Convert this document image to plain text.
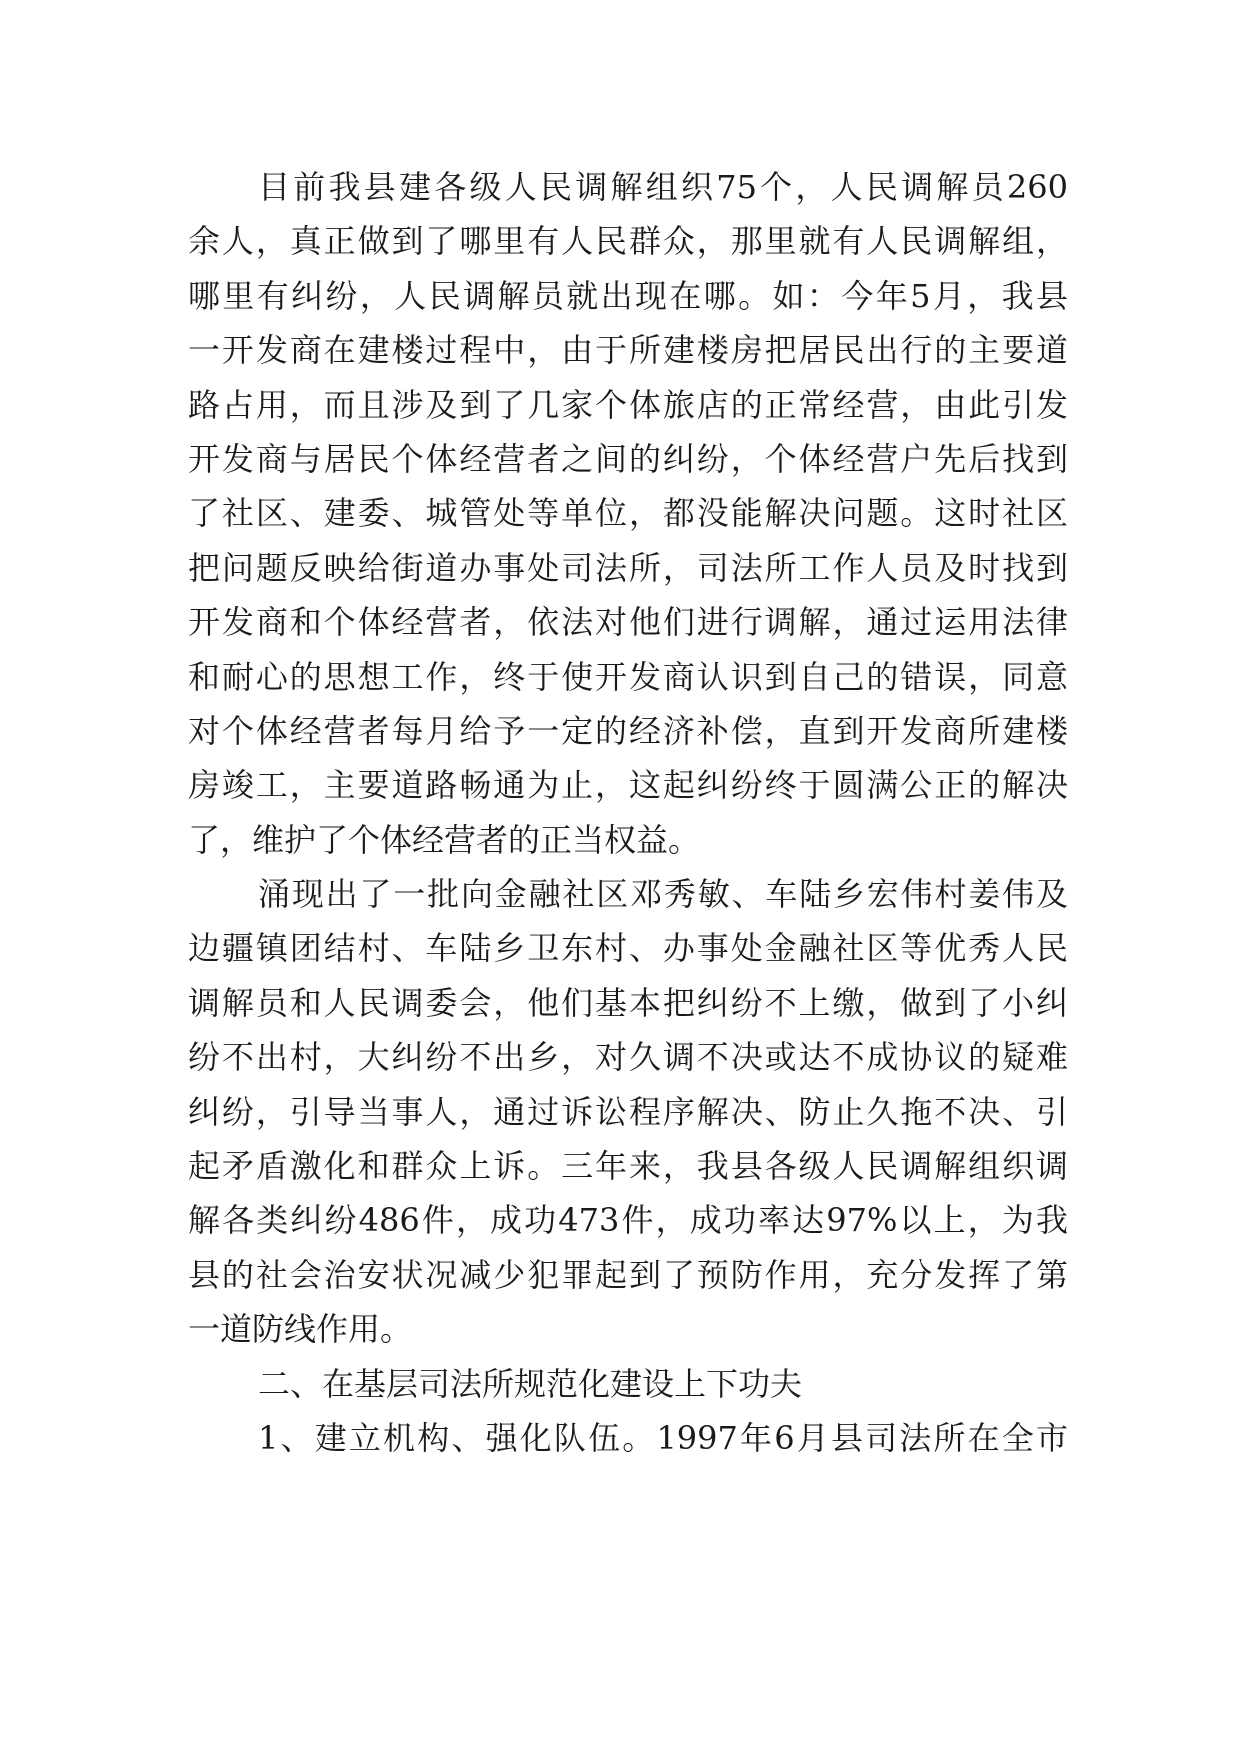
目前我县建各级人民调解组织75个，人民调解员260
余人，真正做到了哪里有人民群众，那里就有人民调解组，
哪里有纠纷，人民调解员就出现在哪。如：今年5月，我县
一开发商在建楼过程中，由于所建楼房把居民出行的主要道
路占用，而且涉及到了几家个体旅店的正常经营，由此引发
开发商与居民个体经营者之间的纠纷，个体经营户先后找到
了社区、建委、城管处等单位，都没能解决问题。这时社区
把问题反映给街道办事处司法所，司法所工作人员及时找到
开发商和个体经营者，依法对他们进行调解，通过运用法律
和耐心的思想工作，终于使开发商认识到自己的错误，同意
对个体经营者每月给予一定的经济补偿，直到开发商所建楼
房竣工，主要道路畅通为止，这起纠纷终于圆满公正的解决
了，维护了个体经营者的正当权益。
涌现出了一批向金融社区邓秀敏、车陆乡宏伟村姜伟及
边疆镇团结村、车陆乡卫东村、办事处金融社区等优秀人民
调解员和人民调委会，他们基本把纠纷不上缴，做到了小纠
纷不出村，大纠纷不出乡，对久调不决或达不成协议的疑难
纠纷，引导当事人，通过诉讼程序解决、防止久拖不决、引
起矛盾激化和群众上诉。三年来，我县各级人民调解组织调
解各类纠纷486件，成功473件，成功率达97%以上，为我
县的社会治安状况减少犯罪起到了预防作用，充分发挥了第
一道防线作用。
二、在基层司法所规范化建设上下功夫
1、建立机构、强化队伍。1997年6月县司法所在全市
